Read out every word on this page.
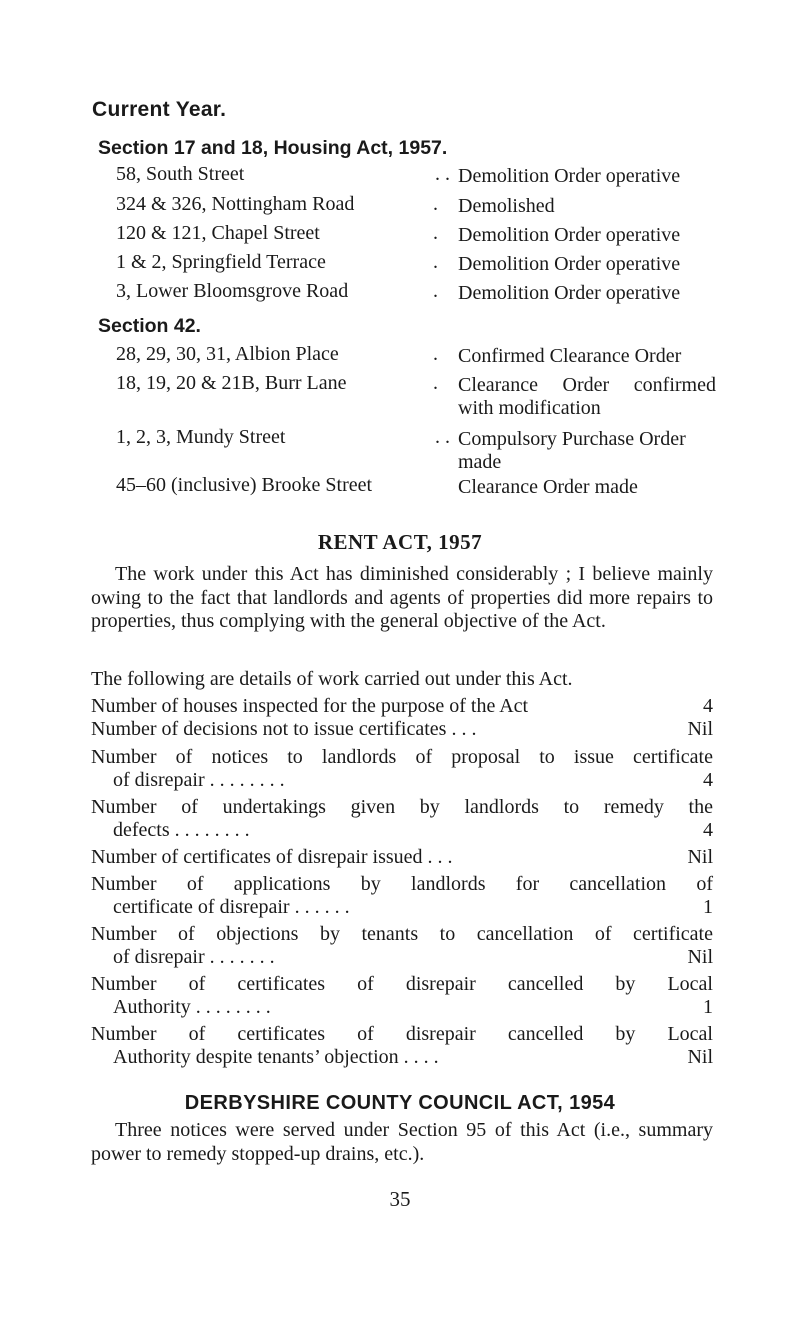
Current Year.
Section 17 and 18, Housing Act, 1957.
58, South Street	. . Demolition Order operative
324 & 326, Nottingham Road	. Demolished
120 & 121, Chapel Street	. Demolition Order operative
1 & 2, Springfield Terrace	. Demolition Order operative
3, Lower Bloomsgrove Road	. Demolition Order operative
Section 42.
28, 29, 30, 31, Albion Place	. Confirmed Clearance Order
18, 19, 20 & 21B, Burr Lane	. Clearance Order confirmed with modification
1, 2, 3, Mundy Street	. . Compulsory Purchase Order made
45–60 (inclusive) Brooke Street	Clearance Order made
RENT ACT, 1957
The work under this Act has diminished considerably ; I believe mainly owing to the fact that landlords and agents of properties did more repairs to properties, thus complying with the general objective of the Act.
The following are details of work carried out under this Act.
Number of houses inspected for the purpose of the Act	4
Number of decisions not to issue certificates . . .	Nil
Number of notices to landlords of proposal to issue certificate
of disrepair . . . . . . . .	4
Number of undertakings given by landlords to remedy the
defects . . . . . . . .	4
Number of certificates of disrepair issued . . .	Nil
Number of applications by landlords for cancellation of
certificate of disrepair . . . . . .	1
Number of objections by tenants to cancellation of certificate
of disrepair . . . . . . .	Nil
Number of certificates of disrepair cancelled by Local
Authority . . . . . . . .	1
Number of certificates of disrepair cancelled by Local
Authority despite tenants’ objection . . . .	Nil
DERBYSHIRE COUNTY COUNCIL ACT, 1954
Three notices were served under Section 95 of this Act (i.e., summary power to remedy stopped-up drains, etc.).
35
